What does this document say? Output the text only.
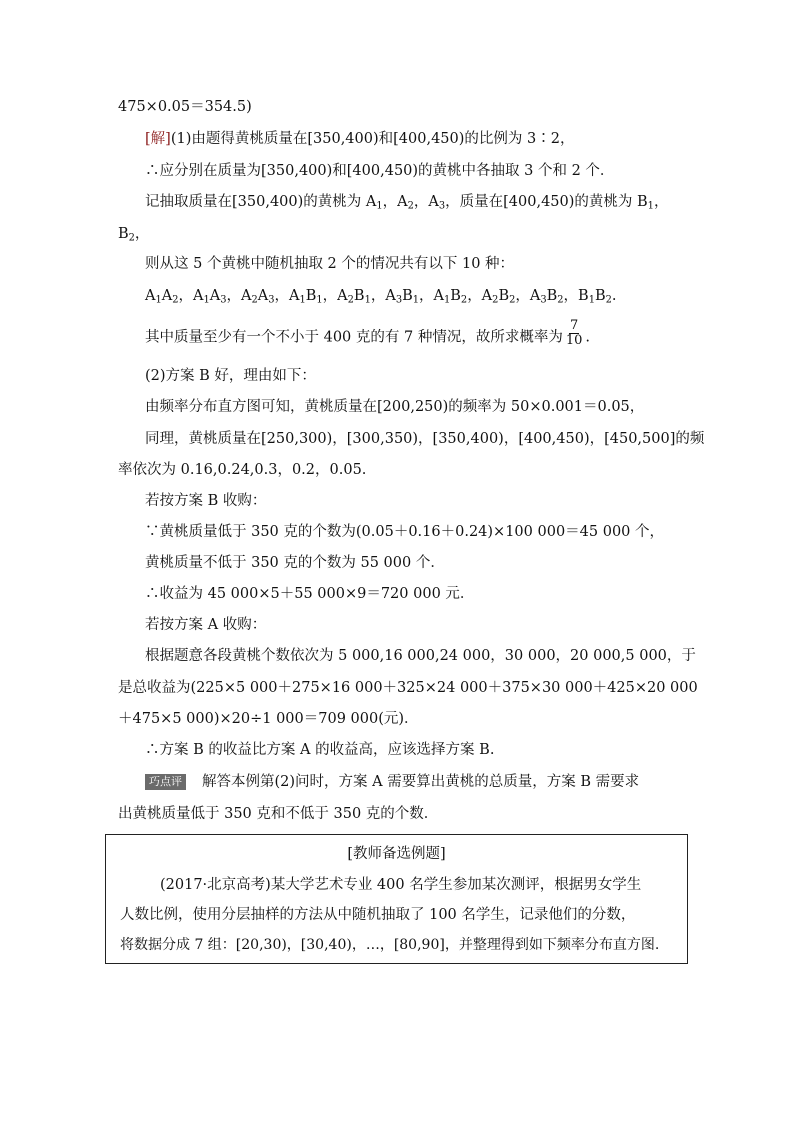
475×0.05＝354.5)
[解](1)由题得黄桃质量在[350,400)和[400,450)的比例为 3∶2，
∴应分别在质量为[350,400)和[400,450)的黄桃中各抽取 3 个和 2 个．
记抽取质量在[350,400)的黄桃为 $A_1$，$A_2$，$A_3$，质量在[400,450)的黄桃为 $B_1$，
$B_2$，
则从这 5 个黄桃中随机抽取 2 个的情况共有以下 10 种：
$A_1A_2$，$A_1A_3$，$A_2A_3$，$A_1B_1$，$A_2B_1$，$A_3B_1$，$A_1B_2$，$A_2B_2$，$A_3B_2$，$B_1B_2$.
其中质量至少有一个不小于 400 克的有 7 种情况，故所求概率为 $\frac{7}{10}$ .
(2)方案 B 好，理由如下：
由频率分布直方图可知，黄桃质量在[200,250)的频率为 50×0.001＝0.05，
同理，黄桃质量在[250,300)，[300,350)，[350,400)，[400,450)，[450,500]的频
率依次为 0.16,0.24,0.3，0.2，0.05.
若按方案 B 收购：
∵黄桃质量低于 350 克的个数为(0.05＋0.16＋0.24)×100 000＝45 000 个，
黄桃质量不低于 350 克的个数为 55 000 个．
∴收益为 45 000×5＋55 000×9＝720 000 元．
若按方案 A 收购：
根据题意各段黄桃个数依次为 5 000,16 000,24 000，30 000，20 000,5 000，于
是总收益为(225×5 000＋275×16 000＋325×24 000＋375×30 000＋425×20 000
＋475×5 000)×20÷1 000＝709 000(元)．
∴方案 B 的收益比方案 A 的收益高，应该选择方案 B.
巧点评 解答本例第(2)问时，方案 A 需要算出黄桃的总质量，方案 B 需要求
出黄桃质量低于 350 克和不低于 350 克的个数．
[教师备选例题]
(2017·北京高考)某大学艺术专业 400 名学生参加某次测评，根据男女学生
人数比例，使用分层抽样的方法从中随机抽取了 100 名学生，记录他们的分数，
将数据分成 7 组：[20,30)，[30,40)，…，[80,90]，并整理得到如下频率分布直方图.
